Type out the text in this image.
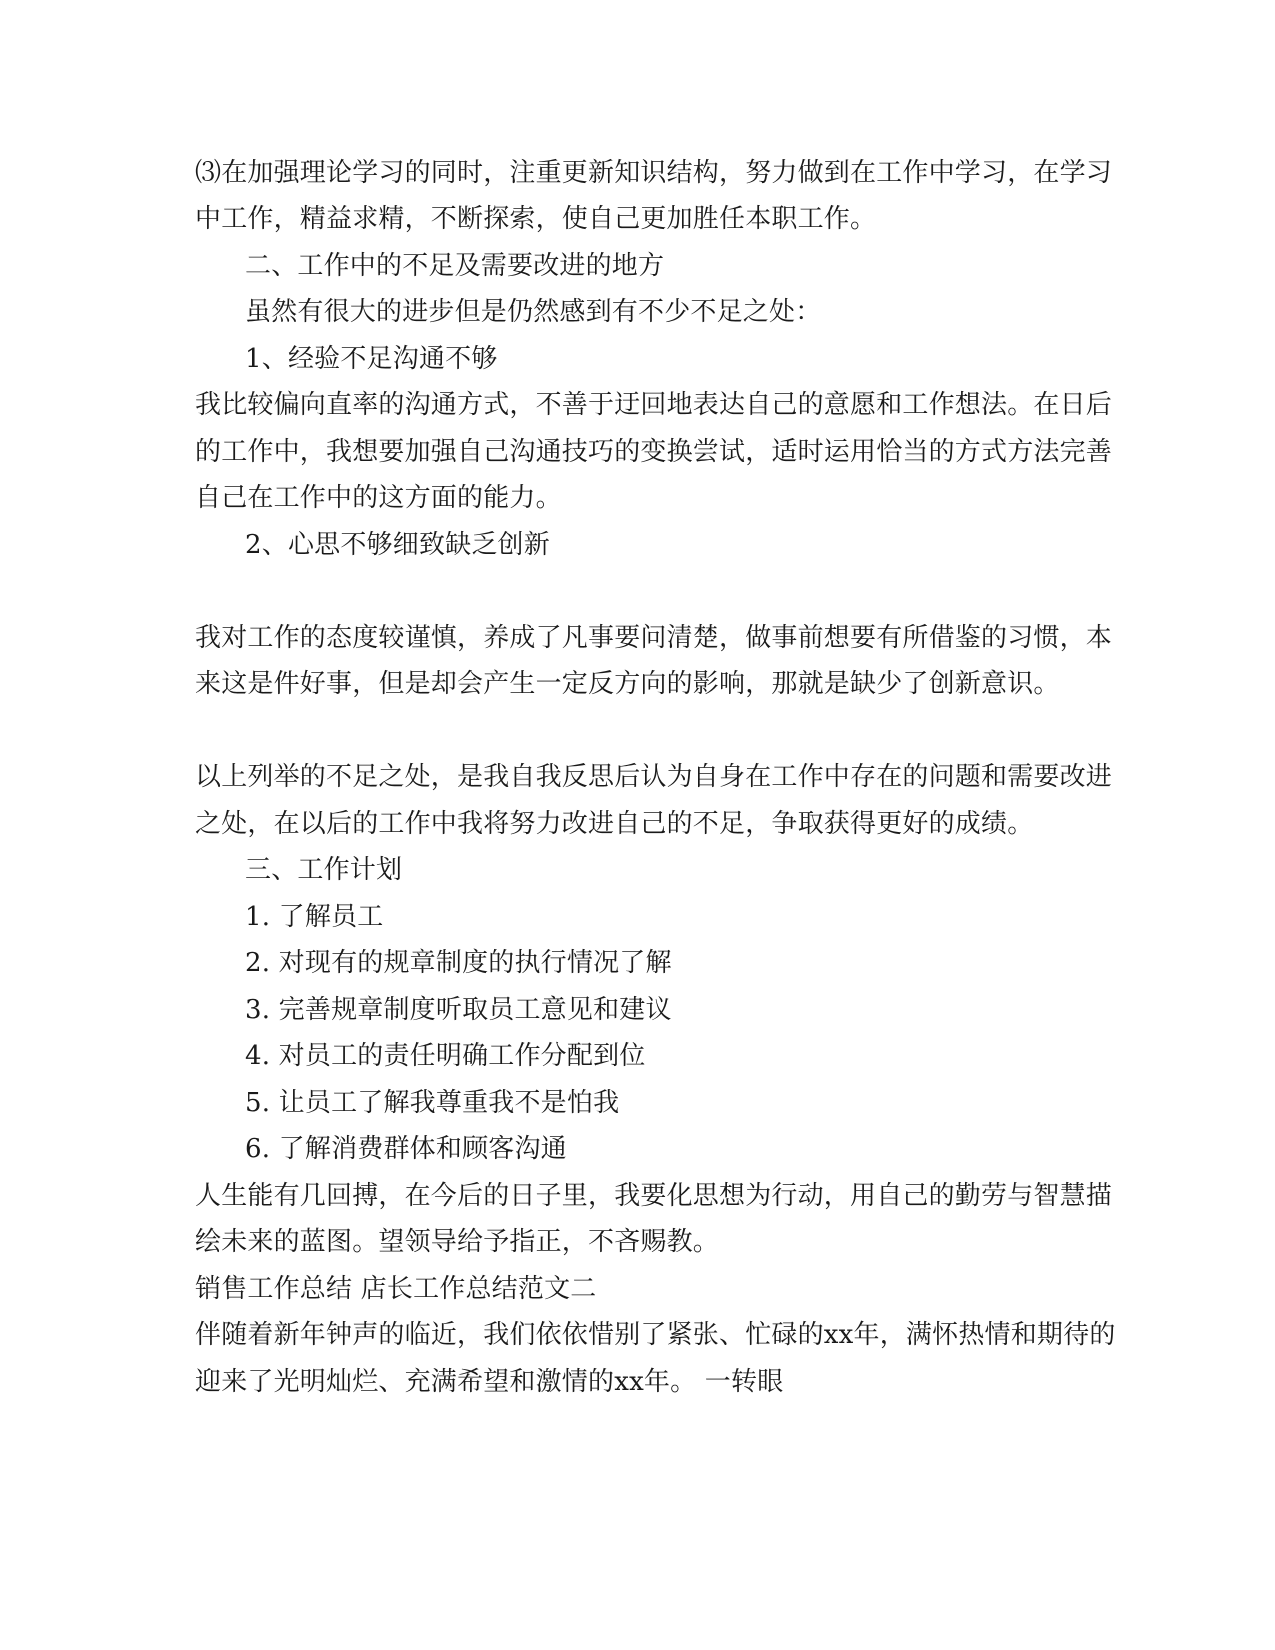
⑶在加强理论学习的同时，注重更新知识结构，努力做到在工作中学习，在学习
中工作，精益求精，不断探索，使自己更加胜任本职工作。
二、工作中的不足及需要改进的地方
虽然有很大的进步但是仍然感到有不少不足之处：
1、经验不足沟通不够
我比较偏向直率的沟通方式，不善于迂回地表达自己的意愿和工作想法。在日后
的工作中，我想要加强自己沟通技巧的变换尝试，适时运用恰当的方式方法完善
自己在工作中的这方面的能力。
2、心思不够细致缺乏创新
我对工作的态度较谨慎，养成了凡事要问清楚，做事前想要有所借鉴的习惯，本
来这是件好事，但是却会产生一定反方向的影响，那就是缺少了创新意识。
以上列举的不足之处，是我自我反思后认为自身在工作中存在的问题和需要改进
之处，在以后的工作中我将努力改进自己的不足，争取获得更好的成绩。
三、工作计划
1. 了解员工
2. 对现有的规章制度的执行情况了解
3. 完善规章制度听取员工意见和建议
4. 对员工的责任明确工作分配到位
5. 让员工了解我尊重我不是怕我
6. 了解消费群体和顾客沟通
人生能有几回搏，在今后的日子里，我要化思想为行动，用自己的勤劳与智慧描
绘未来的蓝图。望领导给予指正，不吝赐教。
销售工作总结 店长工作总结范文二
伴随着新年钟声的临近，我们依依惜别了紧张、忙碌的xx年，满怀热情和期待的
迎来了光明灿烂、充满希望和激情的xx年。 一转眼
